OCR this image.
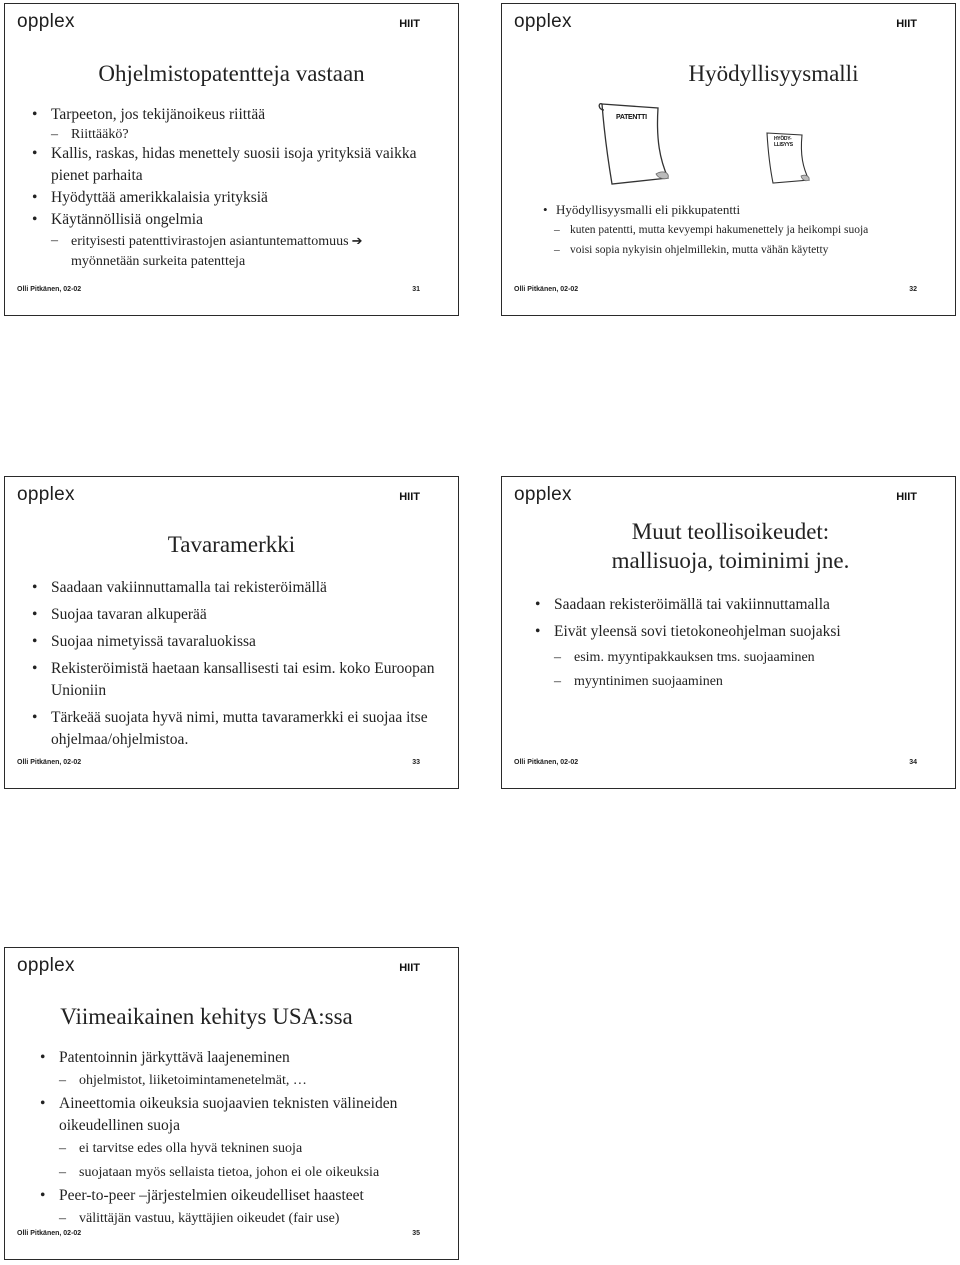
opplex	HIIT
Ohjelmistopatentteja vastaan
• Tarpeeton, jos tekijänoikeus riittää
– Riittääkö?
• Kallis, raskas, hidas menettely suosii isoja yrityksiä vaikka pienet parhaita
• Hyödyttää amerikkalaisia yrityksiä
• Käytännöllisiä ongelmia
– erityisesti patenttivirastojen asiantuntemattomuus ➔
myönnetään surkeita patentteja
Olli Pitkänen, 02-02	31
opplex	HIIT
Hyödyllisyysmalli
PATENTTI
HYÖDY-
LLISYYS
• Hyödyllisyysmalli eli pikkupatentti
– kuten patentti, mutta kevyempi hakumenettely ja heikompi suoja
– voisi sopia nykyisin ohjelmillekin, mutta vähän käytetty
Olli Pitkänen, 02-02	32
opplex	HIIT
Tavaramerkki
• Saadaan vakiinnuttamalla tai rekisteröimällä
• Suojaa tavaran alkuperää
• Suojaa nimetyissä tavaraluokissa
• Rekisteröimistä haetaan kansallisesti tai esim. koko Euroopan Unioniin
• Tärkeää suojata hyvä nimi, mutta tavaramerkki ei suojaa itse ohjelmaa/ohjelmistoa.
Olli Pitkänen, 02-02	33
opplex	HIIT
Muut teollisoikeudet:
mallisuoja, toiminimi jne.
• Saadaan rekisteröimällä tai vakiinnuttamalla
• Eivät yleensä sovi tietokoneohjelman suojaksi
– esim. myyntipakkauksen tms. suojaaminen
– myyntinimen suojaaminen
Olli Pitkänen, 02-02	34
opplex	HIIT
Viimeaikainen kehitys USA:ssa
• Patentoinnin järkyttävä laajeneminen
– ohjelmistot, liiketoimintamenetelmät, …
• Aineettomia oikeuksia suojaavien teknisten välineiden oikeudellinen suoja
– ei tarvitse edes olla hyvä tekninen suoja
– suojataan myös sellaista tietoa, johon ei ole oikeuksia
• Peer-to-peer –järjestelmien oikeudelliset haasteet
– välittäjän vastuu, käyttäjien oikeudet (fair use)
Olli Pitkänen, 02-02	35
